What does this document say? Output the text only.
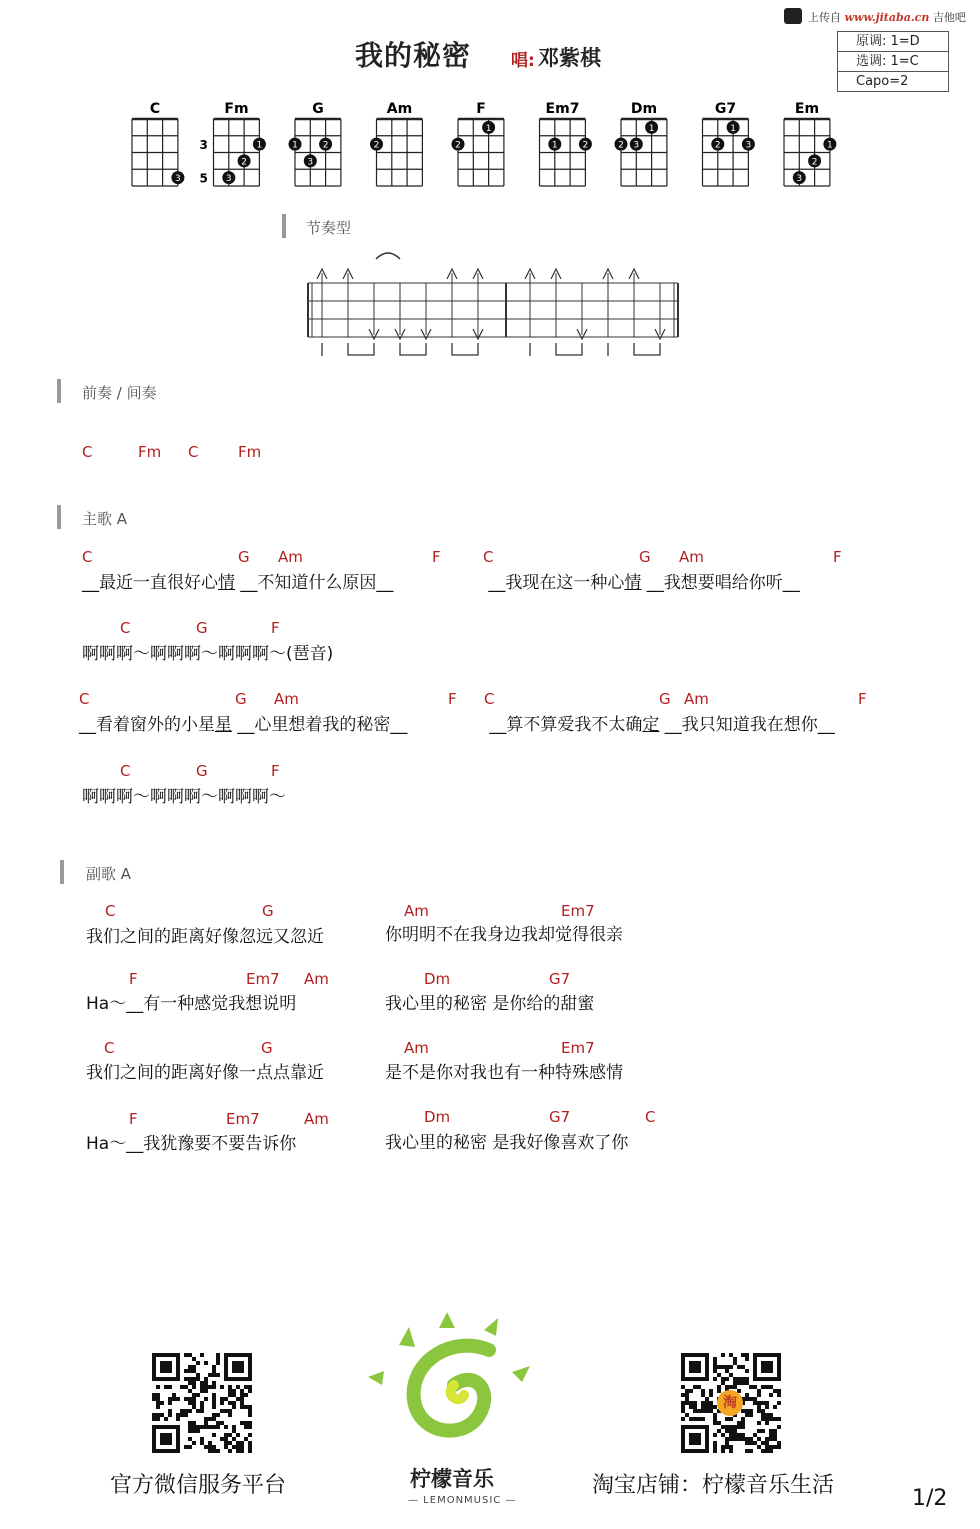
上传自 www.jitaba.cn 吉他吧
我的秘密 唱: 邓紫棋
原调: 1=D
选调: 1=C
Capo=2
C
3
Fm
3
5
1
2
3
G
1	2
3
Am
2
F
1
2
Em7
1	2
Dm
1
2 3
G7
1
2	3
Em
1
2
3
节奏型
前奏 / 间奏
C	Fm C	Fm
主歌 A
C	G Am	F	C	G Am	F
__最近一直很好心情 __不知道什么原因__	__我现在这一种心情 __我想要唱给你听__
C	G	F
啊啊啊～啊啊啊～啊啊啊～(琶音)
C	G Am	F C	G Am	F
__看着窗外的小星星 __心里想着我的秘密__	__算不算爱我不太确定 __我只知道我在想你__
C	G	F
啊啊啊～啊啊啊～啊啊啊～
副歌 A
C	G	Am	Em7
我们之间的距离好像忽远又忽近	你明明不在我身边我却觉得很亲
F	Em7 Am	Dm	G7
Ha～__有一种感觉我想说明	我心里的秘密 是你给的甜蜜
C	G	Am	Em7
我们之间的距离好像一点点靠近	是不是你对我也有一种特殊感情
F	Em7	Am	Dm	G7	C
Ha～__我犹豫要不要告诉你	我心里的秘密 是我好像喜欢了你
官方微信服务平台	柠檬音乐
— LEMONMUSIC —
淘
淘宝店铺：柠檬音乐生活
1/2
